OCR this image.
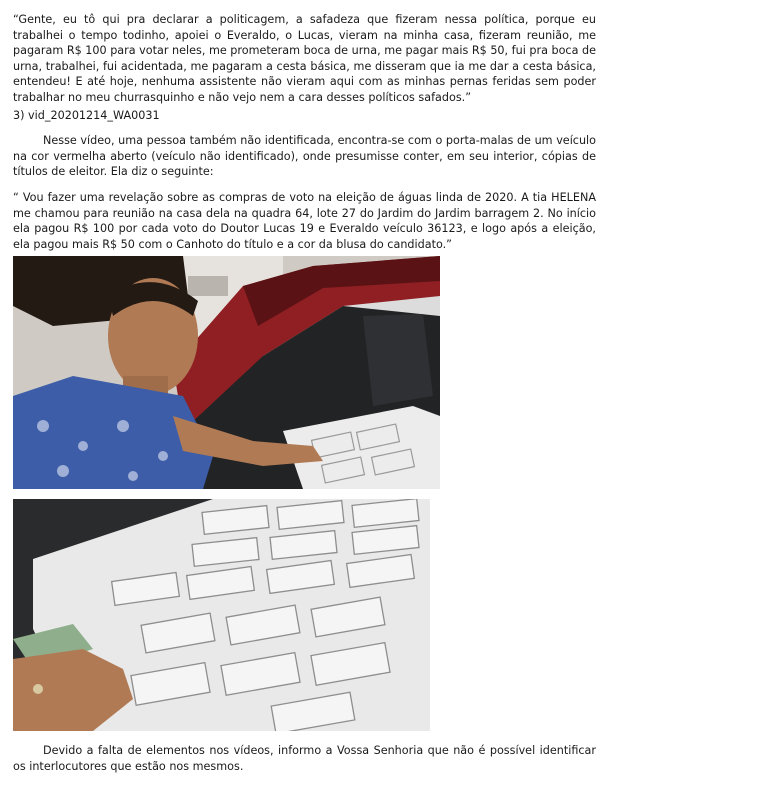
“Gente, eu tô qui pra declarar a politicagem, a safadeza que fizeram nessa política, porque eu trabalhei o tempo todinho, apoiei o Everaldo, o Lucas, vieram na minha casa, fizeram reunião, me pagaram R$ 100 para votar neles, me prometeram boca de urna, me pagar mais R$ 50, fui pra boca de urna, trabalhei, fui acidentada, me pagaram a cesta básica, me disseram que ia me dar a cesta básica, entendeu! E até hoje, nenhuma assistente não vieram aqui com as minhas pernas feridas sem poder trabalhar no meu churrasquinho e não vejo nem a cara desses políticos safados.”

3) vid_20201214_WA0031

Nesse vídeo, uma pessoa também não identificada, encontra-se com o porta-malas de um veículo na cor vermelha aberto (veículo não identificado), onde presumisse conter, em seu interior, cópias de títulos de eleitor. Ela diz o seguinte:

“ Vou fazer uma revelação sobre as compras de voto na eleição de águas linda de 2020. A tia HELENA me chamou para reunião na casa dela na quadra 64, lote 27 do Jardim do Jardim barragem 2. No início ela pagou R$ 100 por cada voto do Doutor Lucas 19 e Everaldo veículo 36123, e logo após a eleição, ela pagou mais R$ 50 com o Canhoto do título e a cor da blusa do candidato.”

Devido a falta de elementos nos vídeos, informo a Vossa Senhoria que não é possível identificar os interlocutores que estão nos mesmos.
